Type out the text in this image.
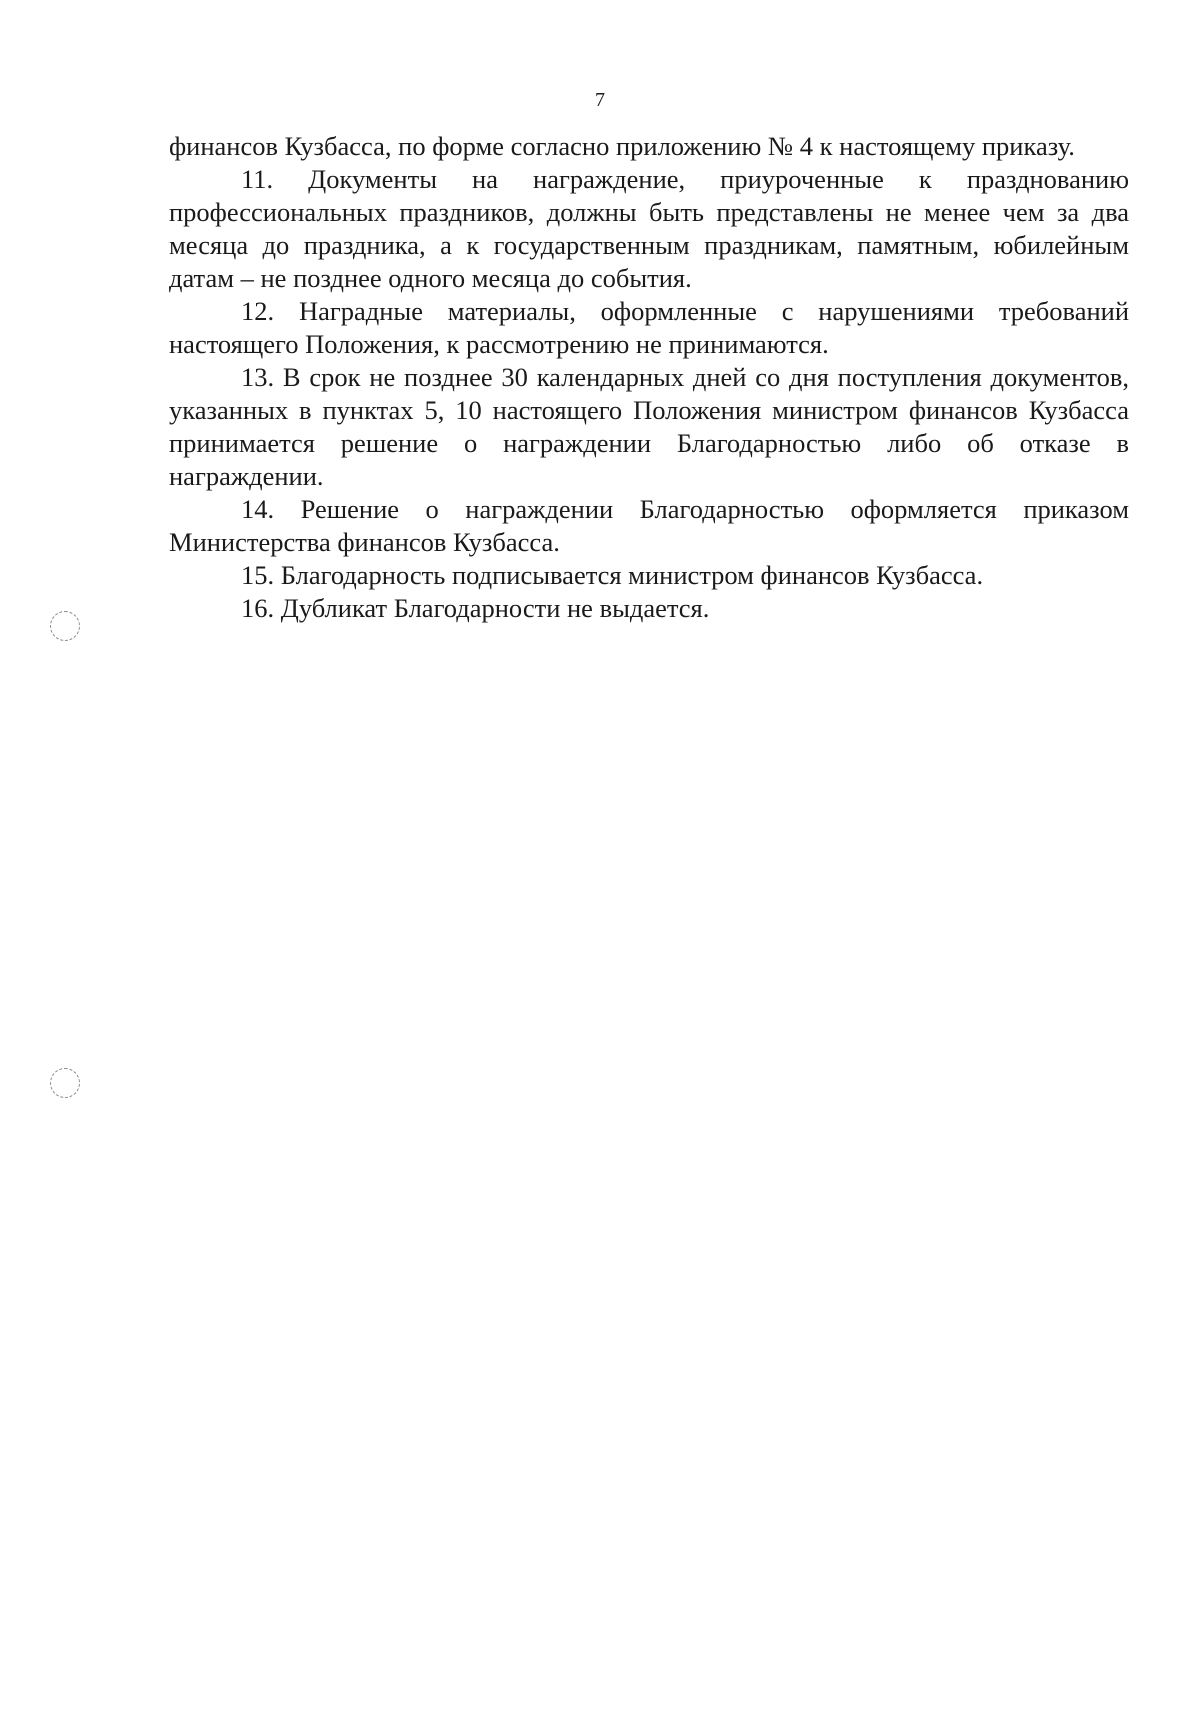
7

финансов Кузбасса, по форме согласно приложению № 4 к настоящему приказу.

11. Документы на награждение, приуроченные к празднованию профессиональных праздников, должны быть представлены не менее чем за два месяца до праздника, а к государственным праздникам, памятным, юбилейным датам – не позднее одного месяца до события.

12. Наградные материалы, оформленные с нарушениями требований настоящего Положения, к рассмотрению не принимаются.

13. В срок не позднее 30 календарных дней со дня поступления документов, указанных в пунктах 5, 10 настоящего Положения министром финансов Кузбасса принимается решение о награждении Благодарностью либо об отказе в награждении.

14. Решение о награждении Благодарностью оформляется приказом Министерства финансов Кузбасса.

15. Благодарность подписывается министром финансов Кузбасса.

16. Дубликат Благодарности не выдается.
